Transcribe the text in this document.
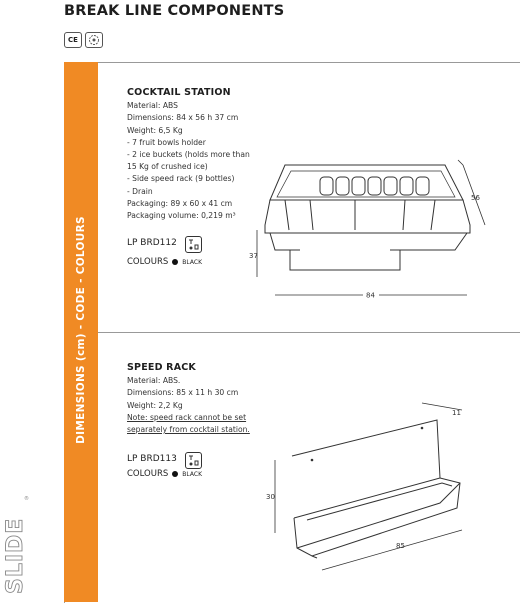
BREAK LINE COMPONENTS
CE
DIMENSIONS (cm) - CODE - COLOURS
SLIDE
®
COCKTAIL STATION
Material: ABS
Dimensions: 84 x 56 h 37 cm
Weight: 6,5 Kg
- 7 fruit bowls holder
- 2 ice buckets (holds more than
15 Kg of crushed ice)
- Side speed rack (9 bottles)
- Drain
Packaging: 89 x 60 x 41 cm
Packaging volume: 0,219 m³
LP BRD112
COLOURS BLACK
37
84
56
SPEED RACK
Material: ABS.
Dimensions: 85 x 11 h 30 cm
Weight: 2,2 Kg
Note: speed rack cannot be set
separately from cocktail station.
LP BRD113
COLOURS BLACK
30
85
11
